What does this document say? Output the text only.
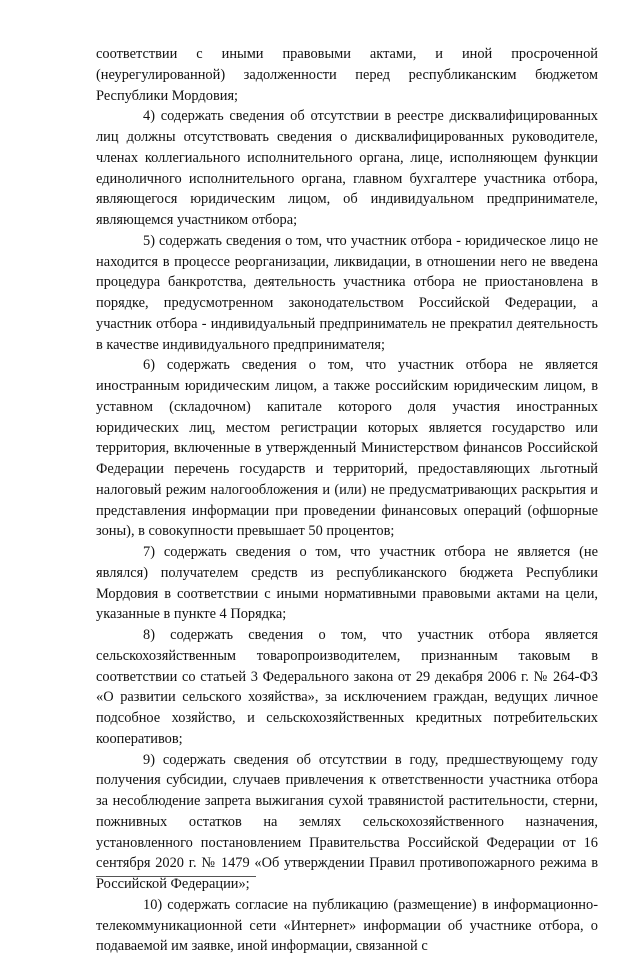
соответствии с иными правовыми актами, и иной просроченной (неурегулированной) задолженности перед республиканским бюджетом Республики Мордовия;

4) содержать сведения об отсутствии в реестре дисквалифицированных лиц должны отсутствовать сведения о дисквалифицированных руководителе, членах коллегиального исполнительного органа, лице, исполняющем функции единоличного исполнительного органа, главном бухгалтере участника отбора, являющегося юридическим лицом, об индивидуальном предпринимателе, являющемся участником отбора;

5) содержать сведения о том, что участник отбора - юридическое лицо не находится в процессе реорганизации, ликвидации, в отношении него не введена процедура банкротства, деятельность участника отбора не приостановлена в порядке, предусмотренном законодательством Российской Федерации, а участник отбора - индивидуальный предприниматель не прекратил деятельность в качестве индивидуального предпринимателя;

6) содержать сведения о том, что участник отбора не является иностранным юридическим лицом, а также российским юридическим лицом, в уставном (складочном) капитале которого доля участия иностранных юридических лиц, местом регистрации которых является государство или территория, включенные в утвержденный Министерством финансов Российской Федерации перечень государств и территорий, предоставляющих льготный налоговый режим налогообложения и (или) не предусматривающих раскрытия и представления информации при проведении финансовых операций (офшорные зоны), в совокупности превышает 50 процентов;

7) содержать сведения о том, что участник отбора не является (не являлся) получателем средств из республиканского бюджета Республики Мордовия в соответствии с иными нормативными правовыми актами на цели, указанные в пункте 4 Порядка;

8) содержать сведения о том, что участник отбора является сельскохозяйственным товаропроизводителем, признанным таковым в соответствии со статьей 3 Федерального закона от 29 декабря 2006 г. № 264-ФЗ «О развитии сельского хозяйства», за исключением граждан, ведущих личное подсобное хозяйство, и сельскохозяйственных кредитных потребительских кооперативов;

9) содержать сведения об отсутствии в году, предшествующему году получения субсидии, случаев привлечения к ответственности участника отбора за несоблюдение запрета выжигания сухой травянистой растительности, стерни, пожнивных остатков на землях сельскохозяйственного назначения, установленного постановлением Правительства Российской Федерации от 16 сентября 2020 г. № 1479 «Об утверждении Правил противопожарного режима в Российской Федерации»;

10) содержать согласие на публикацию (размещение) в информационно-телекоммуникационной сети «Интернет» информации об участнике отбора, о подаваемой им заявке, иной информации, связанной с
